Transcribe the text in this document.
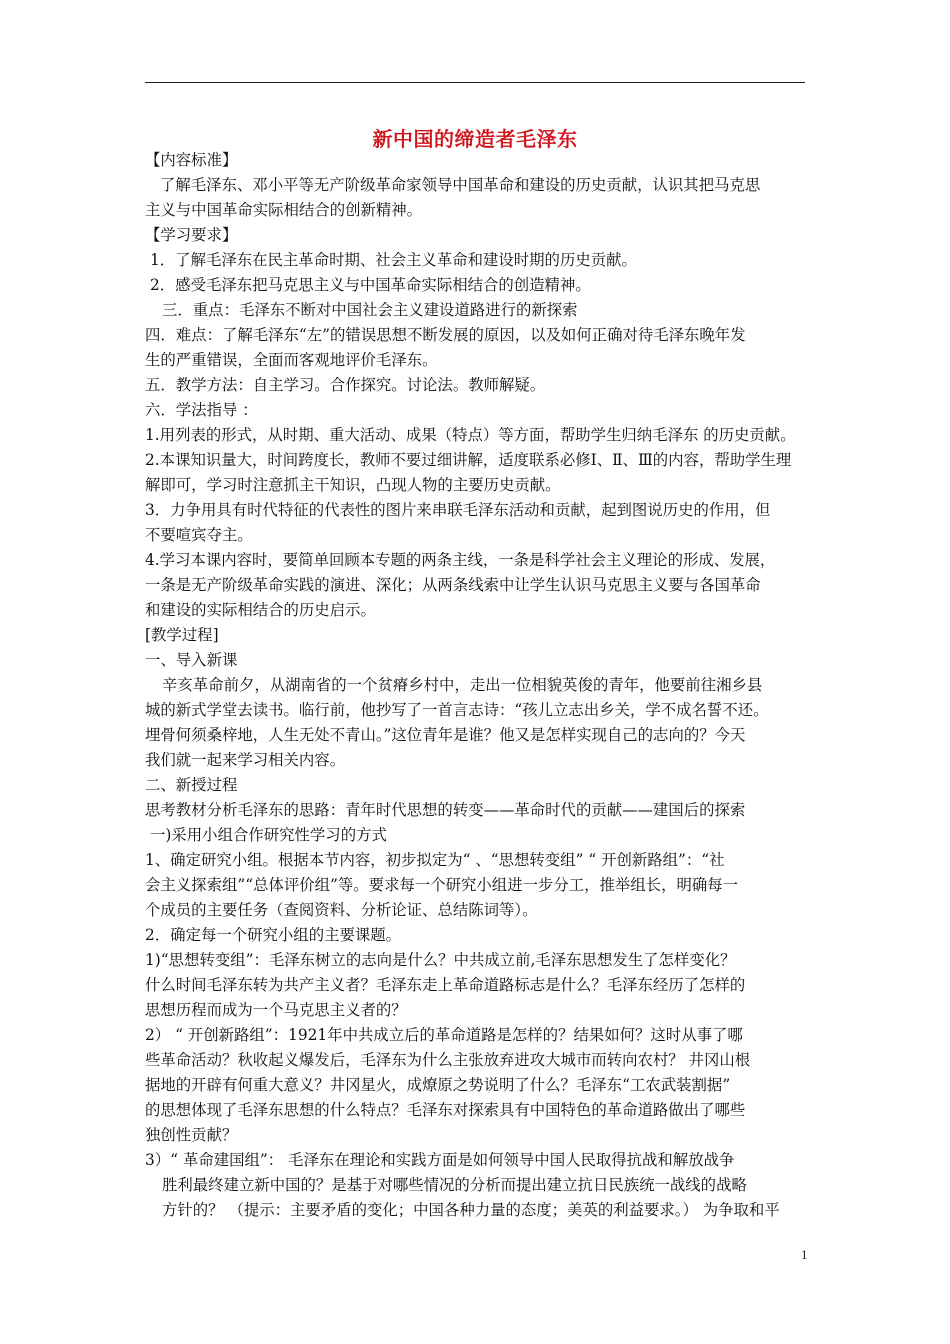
新中国的缔造者毛泽东
【内容标准】
了解毛泽东、邓小平等无产阶级革命家领导中国革命和建设的历史贡献，认识其把马克思
主义与中国革命实际相结合的创新精神。
【学习要求】
1．了解毛泽东在民主革命时期、社会主义革命和建设时期的历史贡献。
2．感受毛泽东把马克思主义与中国革命实际相结合的创造精神。
三．重点：毛泽东不断对中国社会主义建设道路进行的新探索
四．难点：了解毛泽东“左”的错误思想不断发展的原因，以及如何正确对待毛泽东晚年发
生的严重错误，全面而客观地评价毛泽东。
五．教学方法：自主学习。合作探究。讨论法。教师解疑。
六．学法指导 ：
1.用列表的形式，从时期、重大活动、成果（特点）等方面，帮助学生归纳毛泽东 的历史贡献。
2.本课知识量大，时间跨度长，教师不要过细讲解，适度联系必修Ⅰ、Ⅱ、Ⅲ的内容，帮助学生理
解即可，学习时注意抓主干知识，凸现人物的主要历史贡献。
3．力争用具有时代特征的代表性的图片来串联毛泽东活动和贡献，起到图说历史的作用，但
不要喧宾夺主。
4.学习本课内容时，要简单回顾本专题的两条主线，一条是科学社会主义理论的形成、发展，
一条是无产阶级革命实践的演进、深化；从两条线索中让学生认识马克思主义要与各国革命
和建设的实际相结合的历史启示。
[教学过程]
一、导入新课
辛亥革命前夕，从湖南省的一个贫瘠乡村中，走出一位相貌英俊的青年，他要前往湘乡县
城的新式学堂去读书。临行前，他抄写了一首言志诗：“孩儿立志出乡关，学不成名誓不还。
埋骨何须桑梓地，人生无处不青山。”这位青年是谁？他又是怎样实现自己的志向的？今天
我们就一起来学习相关内容。
二、新授过程
思考教材分析毛泽东的思路：青年时代思想的转变——革命时代的贡献——建国后的探索
一)采用小组合作研究性学习的方式
1、确定研究小组。根据本节内容，初步拟定为“ 、“思想转变组” “ 开创新路组”：“社
会主义探索组”“总体评价组”等。要求每一个研究小组进一步分工，推举组长，明确每一
个成员的主要任务（查阅资料、分析论证、总结陈词等）。
2．确定每一个研究小组的主要课题。
1)“思想转变组”：毛泽东树立的志向是什么？中共成立前,毛泽东思想发生了怎样变化？
什么时间毛泽东转为共产主义者？毛泽东走上革命道路标志是什么？毛泽东经历了怎样的
思想历程而成为一个马克思主义者的？
2） “ 开创新路组”：1921年中共成立后的革命道路是怎样的？结果如何？这时从事了哪
些革命活动？秋收起义爆发后，毛泽东为什么主张放弃进攻大城市而转向农村？ 井冈山根
据地的开辟有何重大意义？井冈星火，成燎原之势说明了什么？毛泽东“工农武装割据”
的思想体现了毛泽东思想的什么特点？毛泽东对探索具有中国特色的革命道路做出了哪些
独创性贡献？
3）“ 革命建国组”： 毛泽东在理论和实践方面是如何领导中国人民取得抗战和解放战争
胜利最终建立新中国的？是基于对哪些情况的分析而提出建立抗日民族统一战线的战略
方针的？ （提示：主要矛盾的变化；中国各种力量的态度；美英的利益要求。） 为争取和平
1
